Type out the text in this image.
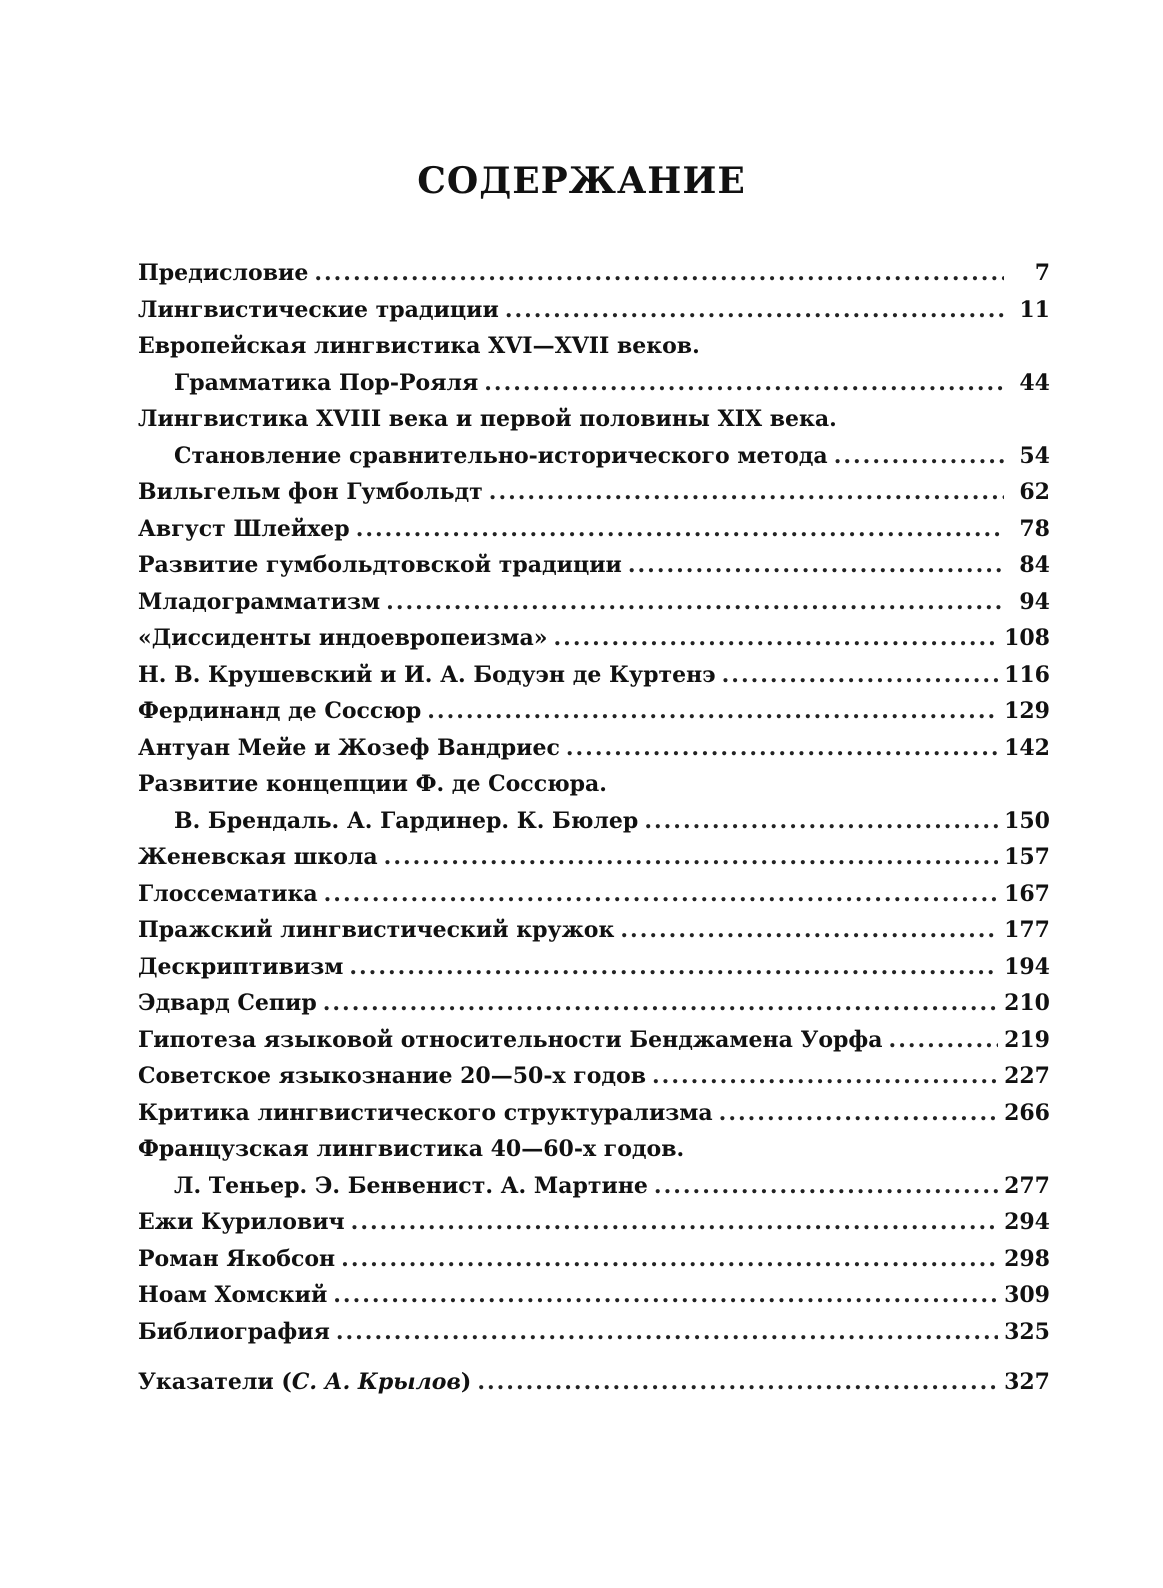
СОДЕРЖАНИЕ
Предисловие .....	7
Лингвистические традиции .....	11
Европейская лингвистика XVI—XVII веков.
Грамматика Пор-Рояля .....	44
Лингвистика XVIII века и первой половины XIX века.
Становление сравнительно-исторического метода .....	54
Вильгельм фон Гумбольдт .....	62
Август Шлейхер .....	78
Развитие гумбольдтовской традиции .....	84
Младограмматизм .....	94
«Диссиденты индоевропеизма» .....	108
Н. В. Крушевский и И. А. Бодуэн де Куртенэ .....	116
Фердинанд де Соссюр .....	129
Антуан Мейе и Жозеф Вандриес .....	142
Развитие концепции Ф. де Соссюра.
В. Брендаль. А. Гардинер. К. Бюлер .....	150
Женевская школа .....	157
Глоссематика .....	167
Пражский лингвистический кружок .....	177
Дескриптивизм .....	194
Эдвард Сепир .....	210
Гипотеза языковой относительности Бенджамена Уорфа .....	219
Советское языкознание 20—50-х годов .....	227
Критика лингвистического структурализма .....	266
Французская лингвистика 40—60-х годов.
Л. Теньер. Э. Бенвенист. А. Мартине .....	277
Ежи Курилович .....	294
Роман Якобсон .....	298
Ноам Хомский .....	309
Библиография .....	325
Указатели (С. А. Крылов) .....	327
